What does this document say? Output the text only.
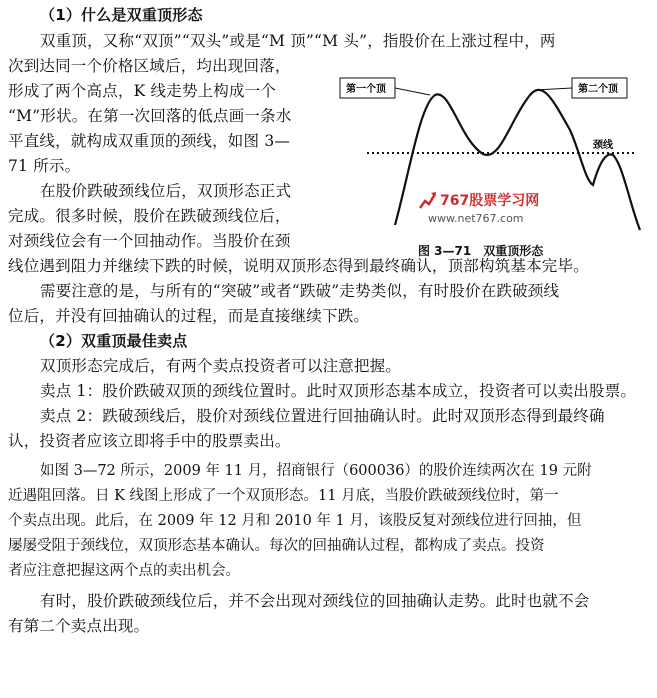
（1）什么是双重顶形态
双重顶，又称“双顶”“双头”或是“M 顶”“M 头”，指股价在上涨过程中，两
次到达同一个价格区域后，均出现回落，
形成了两个高点，K 线走势上构成一个
“M”形状。在第一次回落的低点画一条水
平直线，就构成双重顶的颈线，如图 3—
71 所示。
在股价跌破颈线位后，双顶形态正式
完成。很多时候，股价在跌破颈线位后，
对颈线位会有一个回抽动作。当股价在颈
线位遇到阻力并继续下跌的时候，说明双顶形态得到最终确认，顶部构筑基本完毕。
需要注意的是，与所有的“突破”或者“跌破”走势类似，有时股价在跌破颈线
位后，并没有回抽确认的过程，而是直接继续下跌。
第一个顶	第二个顶
颈线
767股票学习网
www.net767.com
图 3—71　双重顶形态
（2）双重顶最佳卖点
双顶形态完成后，有两个卖点投资者可以注意把握。
卖点 1：股价跌破双顶的颈线位置时。此时双顶形态基本成立，投资者可以卖出股票。
卖点 2：跌破颈线后，股价对颈线位置进行回抽确认时。此时双顶形态得到最终确
认，投资者应该立即将手中的股票卖出。
如图 3—72 所示，2009 年 11 月，招商银行（600036）的股价连续两次在 19 元附
近遇阻回落。日 K 线图上形成了一个双顶形态。11 月底，当股价跌破颈线位时，第一
个卖点出现。此后，在 2009 年 12 月和 2010 年 1 月，该股反复对颈线位进行回抽，但
屡屡受阻于颈线位，双顶形态基本确认。每次的回抽确认过程，都构成了卖点。投资
者应注意把握这两个点的卖出机会。
有时，股价跌破颈线位后，并不会出现对颈线位的回抽确认走势。此时也就不会
有第二个卖点出现。
